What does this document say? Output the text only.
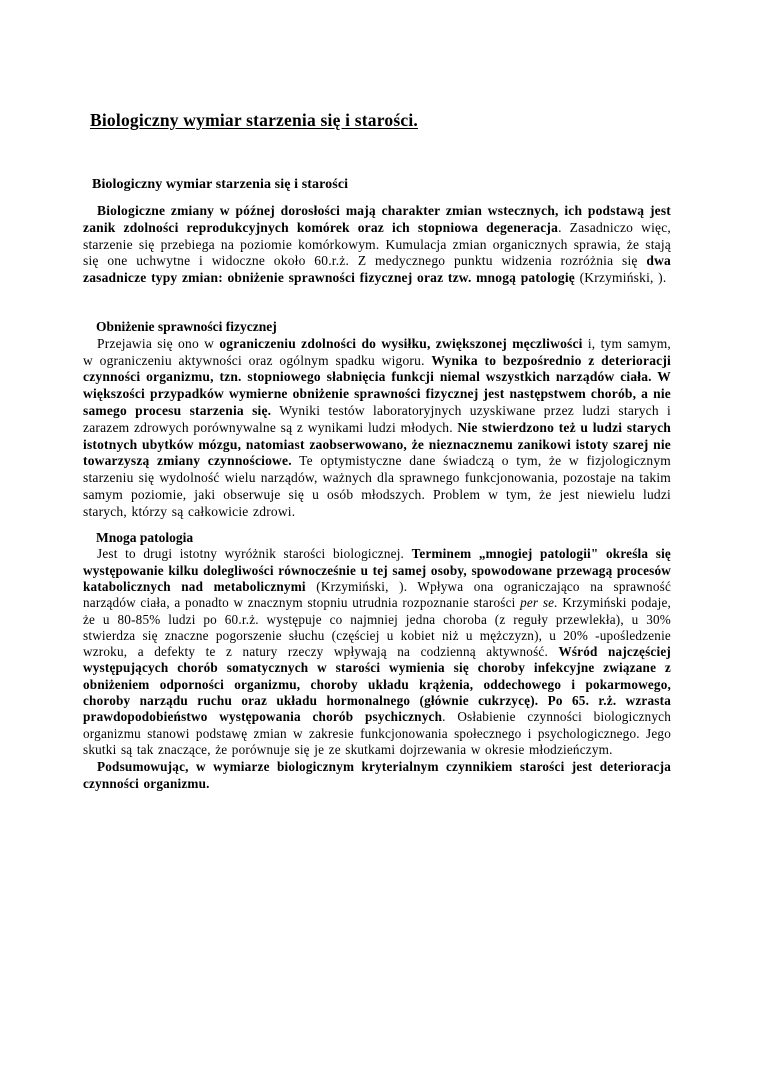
Biologiczny wymiar starzenia się i starości.

Biologiczny wymiar starzenia się i starości

Biologiczne zmiany w późnej dorosłości mają charakter zmian wstecznych, ich podstawą jest zanik zdolności reprodukcyjnych komórek oraz ich stopniowa degeneracja. Zasadniczo więc, starzenie się przebiega na poziomie komórkowym. Kumulacja zmian organicznych sprawia, że stają się one uchwytne i widoczne około 60.r.ż. Z medycznego punktu widzenia rozróżnia się dwa zasadnicze typy zmian: obniżenie sprawności fizycznej oraz tzw. mnogą patologię (Krzymiński, ).

Obniżenie sprawności fizycznej

Przejawia się ono w ograniczeniu zdolności do wysiłku, zwiększonej męczliwości i, tym samym, w ograniczeniu aktywności oraz ogólnym spadku wigoru. Wynika to bezpośrednio z deterioracji czynności organizmu, tzn. stopniowego słabnięcia funkcji niemal wszystkich narządów ciała. W większości przypadków wymierne obniżenie sprawności fizycznej jest następstwem chorób, a nie samego procesu starzenia się. Wyniki testów laboratoryjnych uzyskiwane przez ludzi starych i zarazem zdrowych porównywalne są z wynikami ludzi młodych. Nie stwierdzono też u ludzi starych istotnych ubytków mózgu, natomiast zaobserwowano, że nieznacznemu zanikowi istoty szarej nie towarzyszą zmiany czynnościowe. Te optymistyczne dane świadczą o tym, że w fizjologicznym starzeniu się wydolność wielu narządów, ważnych dla sprawnego funkcjonowania, pozostaje na takim samym poziomie, jaki obserwuje się u osób młodszych. Problem w tym, że jest niewielu ludzi starych, którzy są całkowicie zdrowi.

Mnoga patologia

Jest to drugi istotny wyróżnik starości biologicznej. Terminem „mnogiej patologii" określa się występowanie kilku dolegliwości równocześnie u tej samej osoby, spowodowane przewagą procesów katabolicznych nad metabolicznymi (Krzymiński, ). Wpływa ona ograniczająco na sprawność narządów ciała, a ponadto w znacznym stopniu utrudnia rozpoznanie starości per se. Krzymiński podaje, że u 80-85% ludzi po 60.r.ż. występuje co najmniej jedna choroba (z reguły przewlekła), u 30% stwierdza się znaczne pogorszenie słuchu (częściej u kobiet niż u mężczyzn), u 20% -upośledzenie wzroku, a defekty te z natury rzeczy wpływają na codzienną aktywność. Wśród najczęściej występujących chorób somatycznych w starości wymienia się choroby infekcyjne związane z obniżeniem odporności organizmu, choroby układu krążenia, oddechowego i pokarmowego, choroby narządu ruchu oraz układu hormonalnego (głównie cukrzycę). Po 65. r.ż. wzrasta prawdopodobieństwo występowania chorób psychicznych. Osłabienie czynności biologicznych organizmu stanowi podstawę zmian w zakresie funkcjonowania społecznego i psychologicznego. Jego skutki są tak znaczące, że porównuje się je ze skutkami dojrzewania w okresie młodzieńczym.

Podsumowując, w wymiarze biologicznym kryterialnym czynnikiem starości jest deterioracja czynności organizmu.
